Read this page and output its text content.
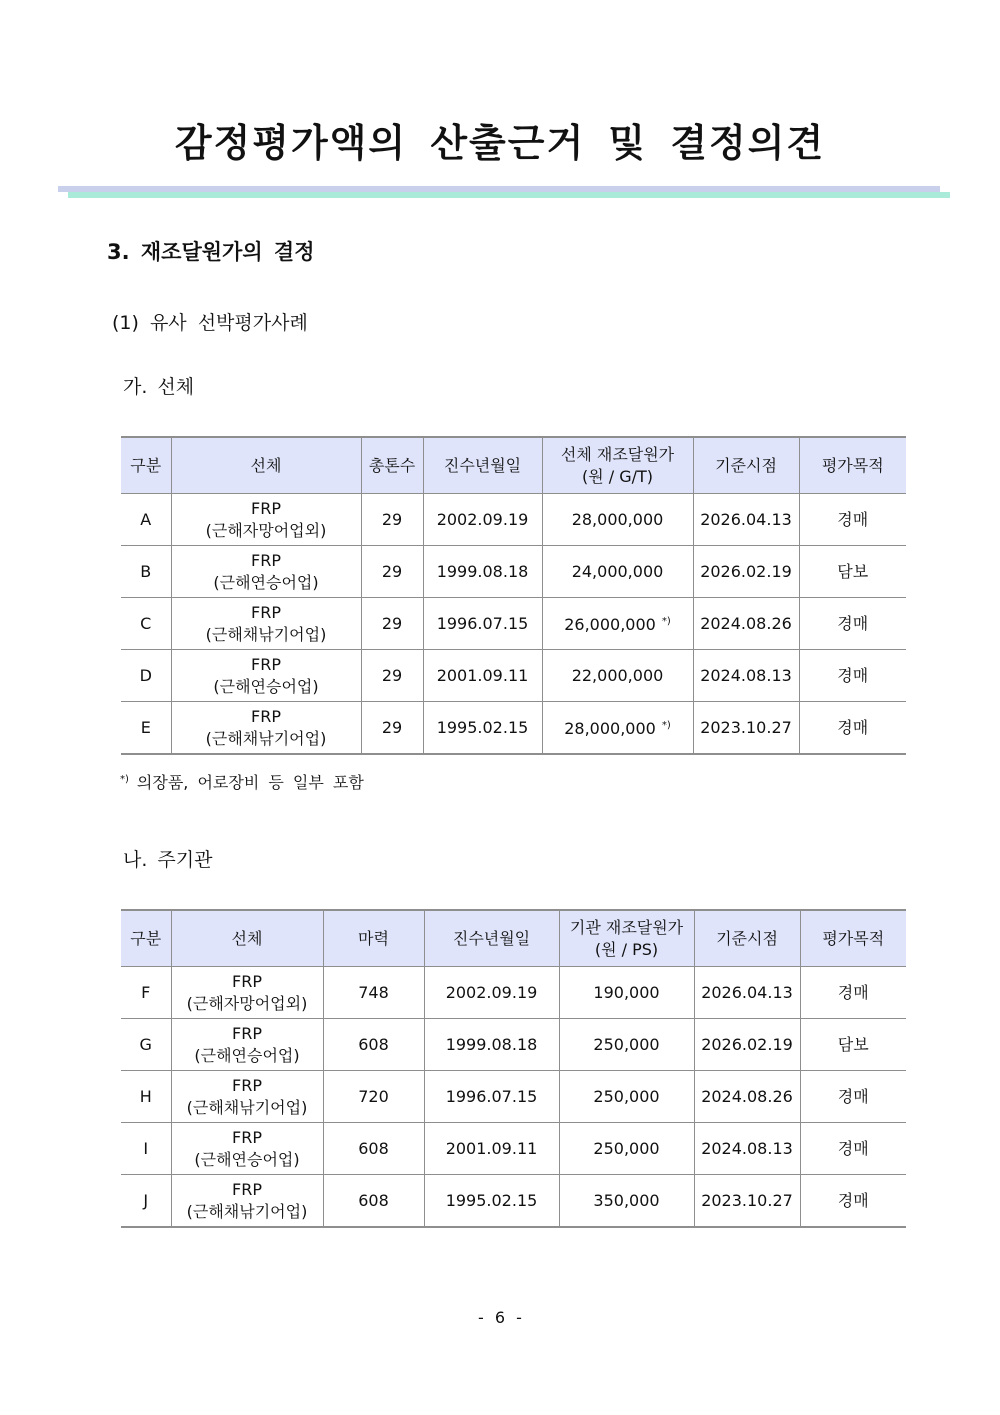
감정평가액의 산출근거 및 결정의견
3. 재조달원가의 결정
(1) 유사 선박평가사례
가. 선체
구분	선체	총톤수	진수년월일	선체 재조달원가
(원 / G/T)	기준시점	평가목적
A	FRP
(근해자망어업외)	29	2002.09.19	28,000,000	2026.04.13	경매
B	FRP
(근해연승어업)	29	1999.08.18	24,000,000	2026.02.19	담보
C	FRP
(근해채낚기어업)	29	1996.07.15	26,000,000 *)	2024.08.26	경매
D	FRP
(근해연승어업)	29	2001.09.11	22,000,000	2024.08.13	경매
E	FRP
(근해채낚기어업)	29	1995.02.15	28,000,000 *)	2023.10.27	경매
*) 의장품, 어로장비 등 일부 포함
나. 주기관
구분	선체	마력	진수년월일	기관 재조달원가
(원 / PS)	기준시점	평가목적
F	FRP
(근해자망어업외)	748	2002.09.19	190,000	2026.04.13	경매
G	FRP
(근해연승어업)	608	1999.08.18	250,000	2026.02.19	담보
H	FRP
(근해채낚기어업)	720	1996.07.15	250,000	2024.08.26	경매
I	FRP
(근해연승어업)	608	2001.09.11	250,000	2024.08.13	경매
J	FRP
(근해채낚기어업)	608	1995.02.15	350,000	2023.10.27	경매
- 6 -
